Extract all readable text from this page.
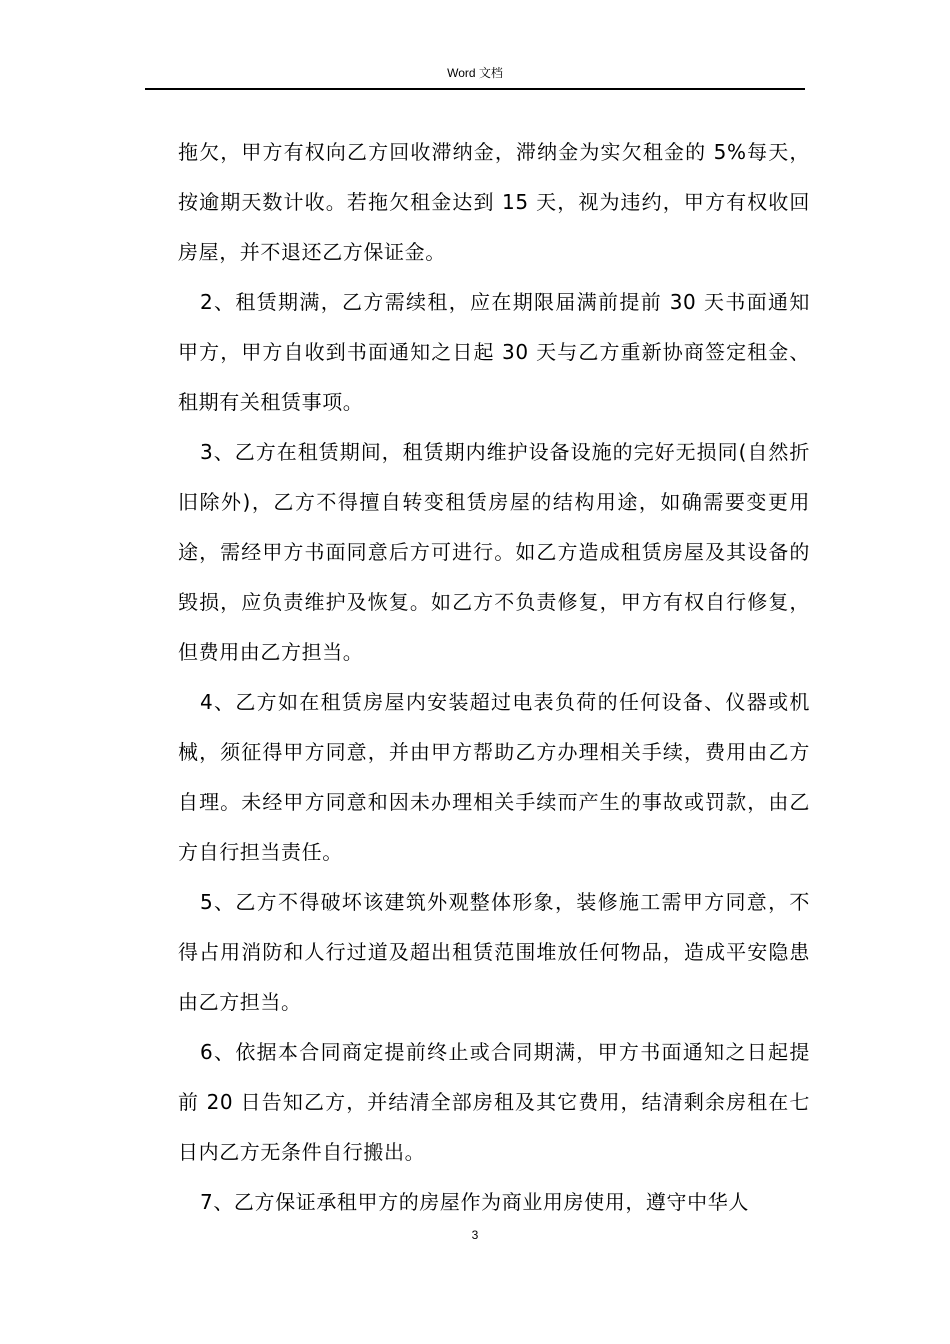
Word 文档

拖欠，甲方有权向乙方回收滞纳金，滞纳金为实欠租金的 5%每天，按逾期天数计收。若拖欠租金达到 15 天，视为违约，甲方有权收回房屋，并不退还乙方保证金。

2、租赁期满，乙方需续租，应在期限届满前提前 30 天书面通知甲方，甲方自收到书面通知之日起 30 天与乙方重新协商签定租金、租期有关租赁事项。

3、乙方在租赁期间，租赁期内维护设备设施的完好无损同(自然折旧除外)，乙方不得擅自转变租赁房屋的结构用途，如确需要变更用途，需经甲方书面同意后方可进行。如乙方造成租赁房屋及其设备的毁损，应负责维护及恢复。如乙方不负责修复，甲方有权自行修复，但费用由乙方担当。

4、乙方如在租赁房屋内安装超过电表负荷的任何设备、仪器或机械，须征得甲方同意，并由甲方帮助乙方办理相关手续，费用由乙方自理。未经甲方同意和因未办理相关手续而产生的事故或罚款，由乙方自行担当责任。

5、乙方不得破坏该建筑外观整体形象，装修施工需甲方同意，不得占用消防和人行过道及超出租赁范围堆放任何物品，造成平安隐患由乙方担当。

6、依据本合同商定提前终止或合同期满，甲方书面通知之日起提前 20 日告知乙方，并结清全部房租及其它费用，结清剩余房租在七日内乙方无条件自行搬出。

7、乙方保证承租甲方的房屋作为商业用房使用，遵守中华人

3
